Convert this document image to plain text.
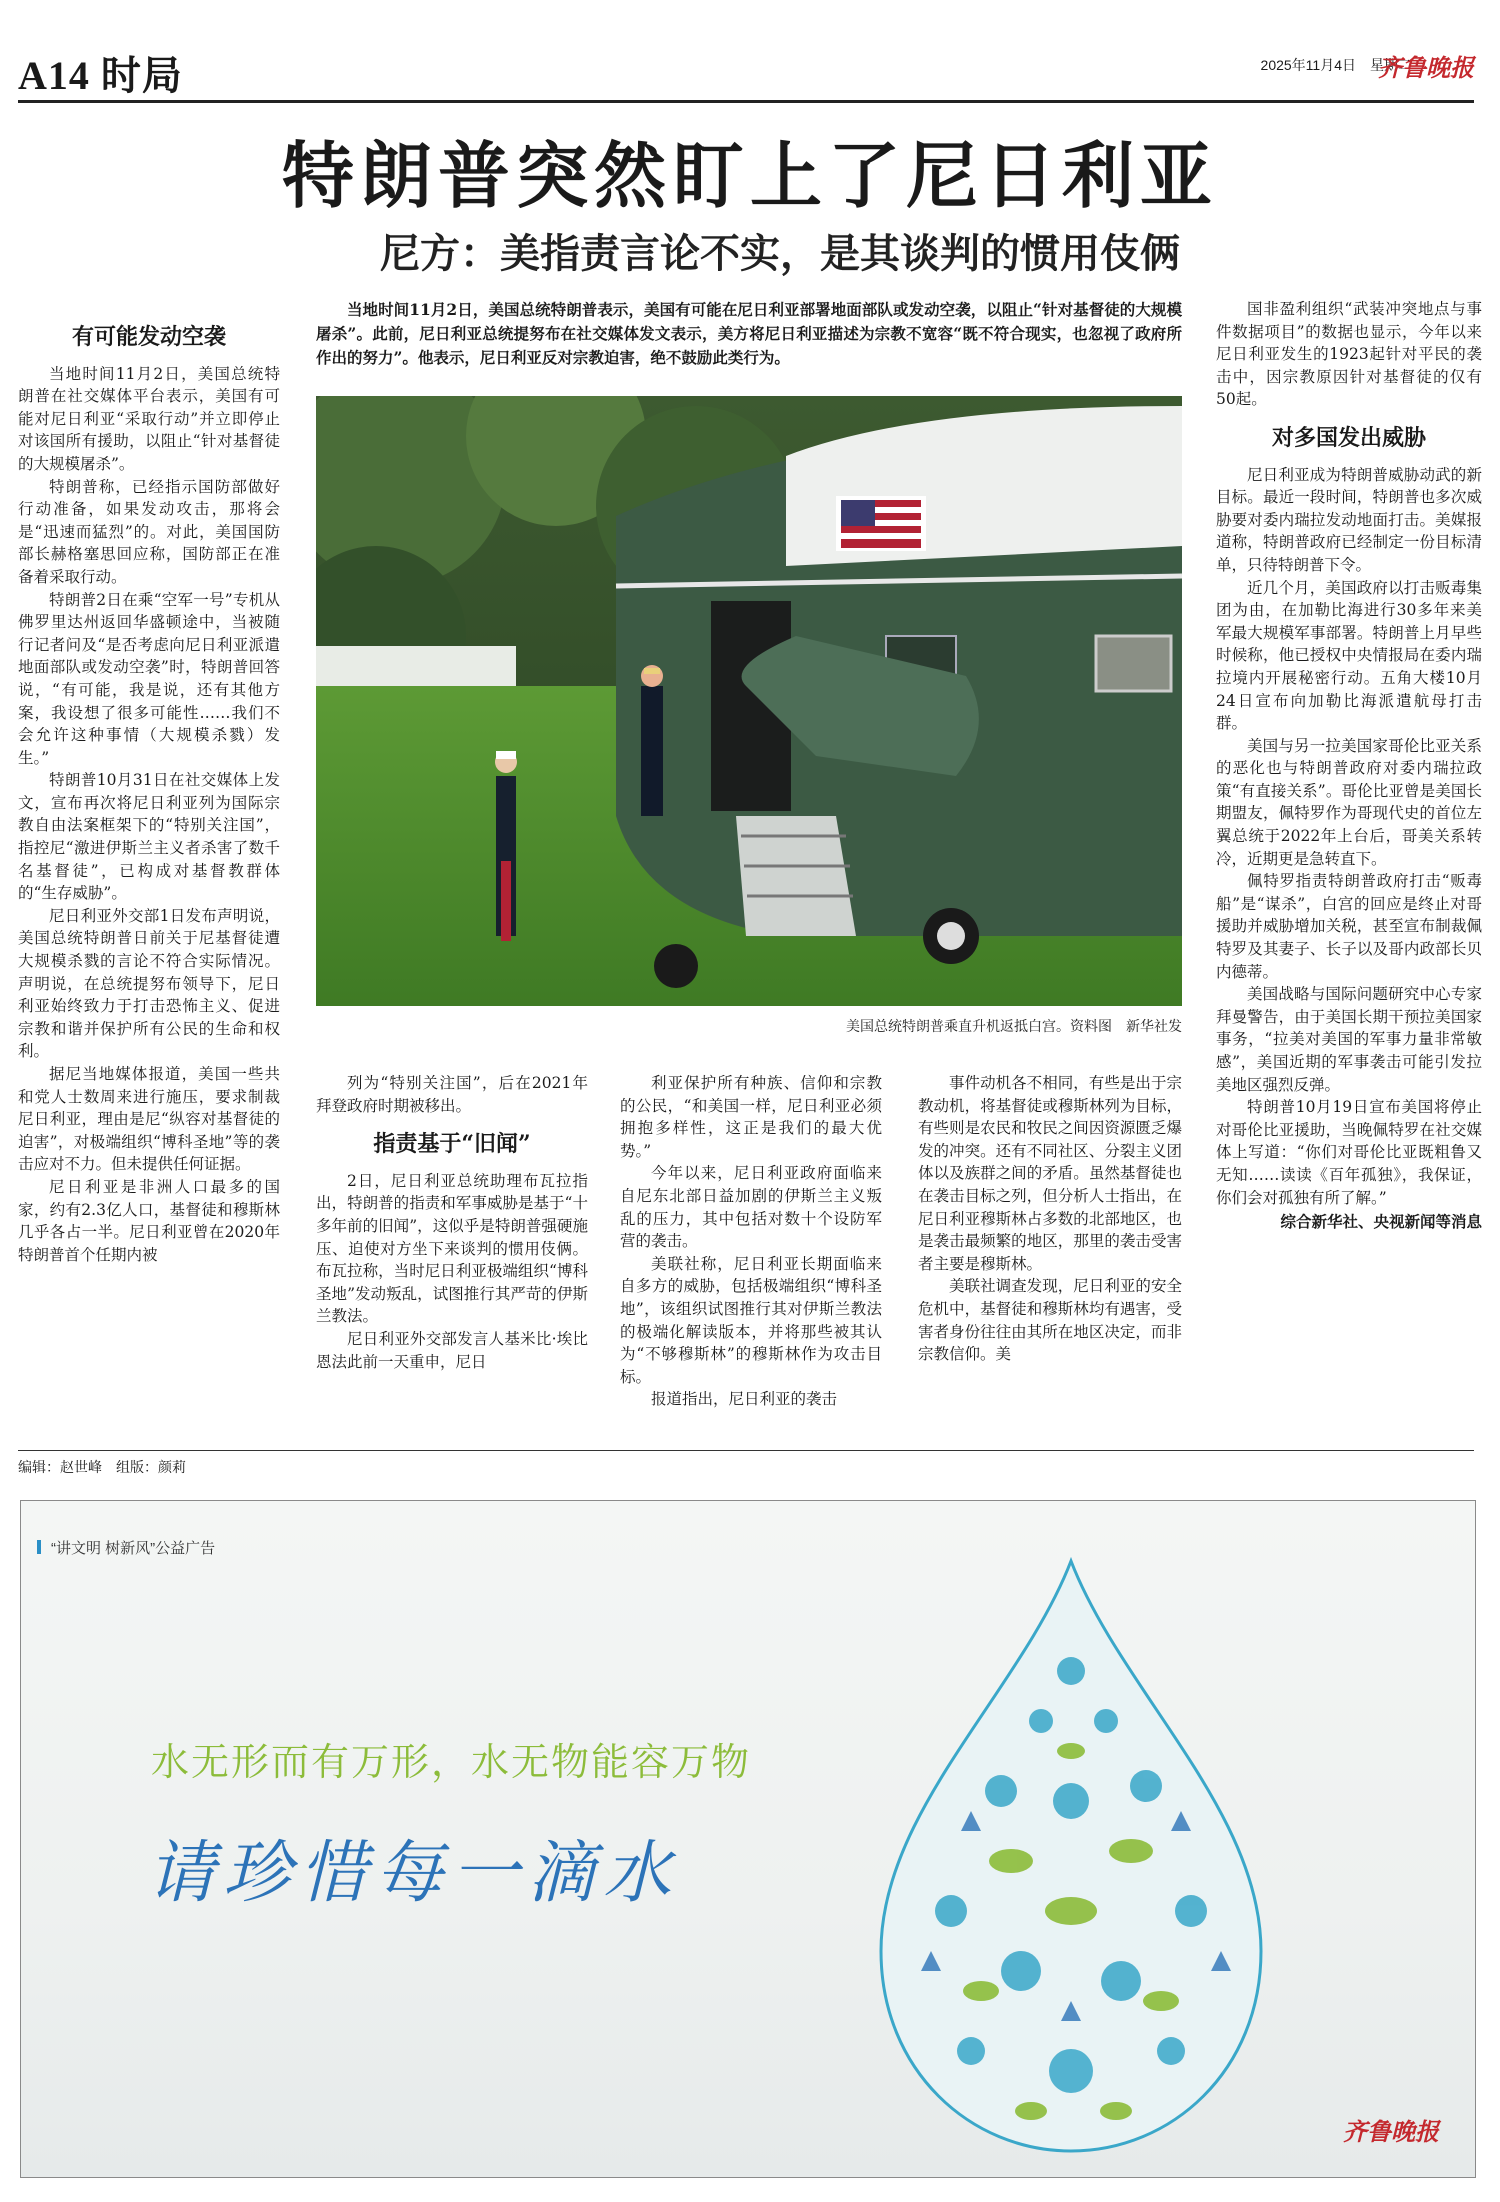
A14 时局	2025年11月4日　星期二
齐鲁晚报
特朗普突然盯上了尼日利亚
尼方：美指责言论不实，是其谈判的惯用伎俩
有可能发动空袭

当地时间11月2日，美国总统特朗普在社交媒体平台表示，美国有可能对尼日利亚“采取行动”并立即停止对该国所有援助，以阻止“针对基督徒的大规模屠杀”。

特朗普称，已经指示国防部做好行动准备，如果发动攻击，那将会是“迅速而猛烈”的。对此，美国国防部长赫格塞思回应称，国防部正在准备着采取行动。

特朗普2日在乘“空军一号”专机从佛罗里达州返回华盛顿途中，当被随行记者问及“是否考虑向尼日利亚派遣地面部队或发动空袭”时，特朗普回答说，“有可能，我是说，还有其他方案，我设想了很多可能性……我们不会允许这种事情（大规模杀戮）发生。”

特朗普10月31日在社交媒体上发文，宣布再次将尼日利亚列为国际宗教自由法案框架下的“特别关注国”，指控尼“激进伊斯兰主义者杀害了数千名基督徒”，已构成对基督教群体的“生存威胁”。

尼日利亚外交部1日发布声明说，美国总统特朗普日前关于尼基督徒遭大规模杀戮的言论不符合实际情况。声明说，在总统提努布领导下，尼日利亚始终致力于打击恐怖主义、促进宗教和谐并保护所有公民的生命和权利。

据尼当地媒体报道，美国一些共和党人士数周来进行施压，要求制裁尼日利亚，理由是尼“纵容对基督徒的迫害”，对极端组织“博科圣地”等的袭击应对不力。但未提供任何证据。

尼日利亚是非洲人口最多的国家，约有2.3亿人口，基督徒和穆斯林几乎各占一半。尼日利亚曾在2020年特朗普首个任期内被

当地时间11月2日，美国总统特朗普表示，美国有可能在尼日利亚部署地面部队或发动空袭，以阻止“针对基督徒的大规模屠杀”。此前，尼日利亚总统提努布在社交媒体发文表示，美方将尼日利亚描述为宗教不宽容“既不符合现实，也忽视了政府所作出的努力”。他表示，尼日利亚反对宗教迫害，绝不鼓励此类行为。

美国总统特朗普乘直升机返抵白宫。资料图　新华社发

列为“特别关注国”，后在2021年拜登政府时期被移出。

指责基于“旧闻”

2日，尼日利亚总统助理布瓦拉指出，特朗普的指责和军事威胁是基于“十多年前的旧闻”，这似乎是特朗普强硬施压、迫使对方坐下来谈判的惯用伎俩。布瓦拉称，当时尼日利亚极端组织“博科圣地”发动叛乱，试图推行其严苛的伊斯兰教法。

尼日利亚外交部发言人基米比·埃比恩法此前一天重申，尼日

利亚保护所有种族、信仰和宗教的公民，“和美国一样，尼日利亚必须拥抱多样性，这正是我们的最大优势。”

今年以来，尼日利亚政府面临来自尼东北部日益加剧的伊斯兰主义叛乱的压力，其中包括对数十个设防军营的袭击。

美联社称，尼日利亚长期面临来自多方的威胁，包括极端组织“博科圣地”，该组织试图推行其对伊斯兰教法的极端化解读版本，并将那些被其认为“不够穆斯林”的穆斯林作为攻击目标。

报道指出，尼日利亚的袭击

事件动机各不相同，有些是出于宗教动机，将基督徒或穆斯林列为目标，有些则是农民和牧民之间因资源匮乏爆发的冲突。还有不同社区、分裂主义团体以及族群之间的矛盾。虽然基督徒也在袭击目标之列，但分析人士指出，在尼日利亚穆斯林占多数的北部地区，也是袭击最频繁的地区，那里的袭击受害者主要是穆斯林。

美联社调查发现，尼日利亚的安全危机中，基督徒和穆斯林均有遇害，受害者身份往往由其所在地区决定，而非宗教信仰。美

国非盈利组织“武装冲突地点与事件数据项目”的数据也显示，今年以来尼日利亚发生的1923起针对平民的袭击中，因宗教原因针对基督徒的仅有50起。

对多国发出威胁

尼日利亚成为特朗普威胁动武的新目标。最近一段时间，特朗普也多次威胁要对委内瑞拉发动地面打击。美媒报道称，特朗普政府已经制定一份目标清单，只待特朗普下令。

近几个月，美国政府以打击贩毒集团为由，在加勒比海进行30多年来美军最大规模军事部署。特朗普上月早些时候称，他已授权中央情报局在委内瑞拉境内开展秘密行动。五角大楼10月24日宣布向加勒比海派遣航母打击群。

美国与另一拉美国家哥伦比亚关系的恶化也与特朗普政府对委内瑞拉政策“有直接关系”。哥伦比亚曾是美国长期盟友，佩特罗作为哥现代史的首位左翼总统于2022年上台后，哥美关系转冷，近期更是急转直下。

佩特罗指责特朗普政府打击“贩毒船”是“谋杀”，白宫的回应是终止对哥援助并威胁增加关税，甚至宣布制裁佩特罗及其妻子、长子以及哥内政部长贝内德蒂。

美国战略与国际问题研究中心专家拜曼警告，由于美国长期干预拉美国家事务，“拉美对美国的军事力量非常敏感”，美国近期的军事袭击可能引发拉美地区强烈反弹。

特朗普10月19日宣布美国将停止对哥伦比亚援助，当晚佩特罗在社交媒体上写道：“你们对哥伦比亚既粗鲁又无知……读读《百年孤独》，我保证，你们会对孤独有所了解。”

综合新华社、央视新闻等消息

编辑：赵世峰　组版：颜莉
“讲文明 树新风”公益广告
水无形而有万形，水无物能容万物
请珍惜每一滴水
齐鲁晚报
